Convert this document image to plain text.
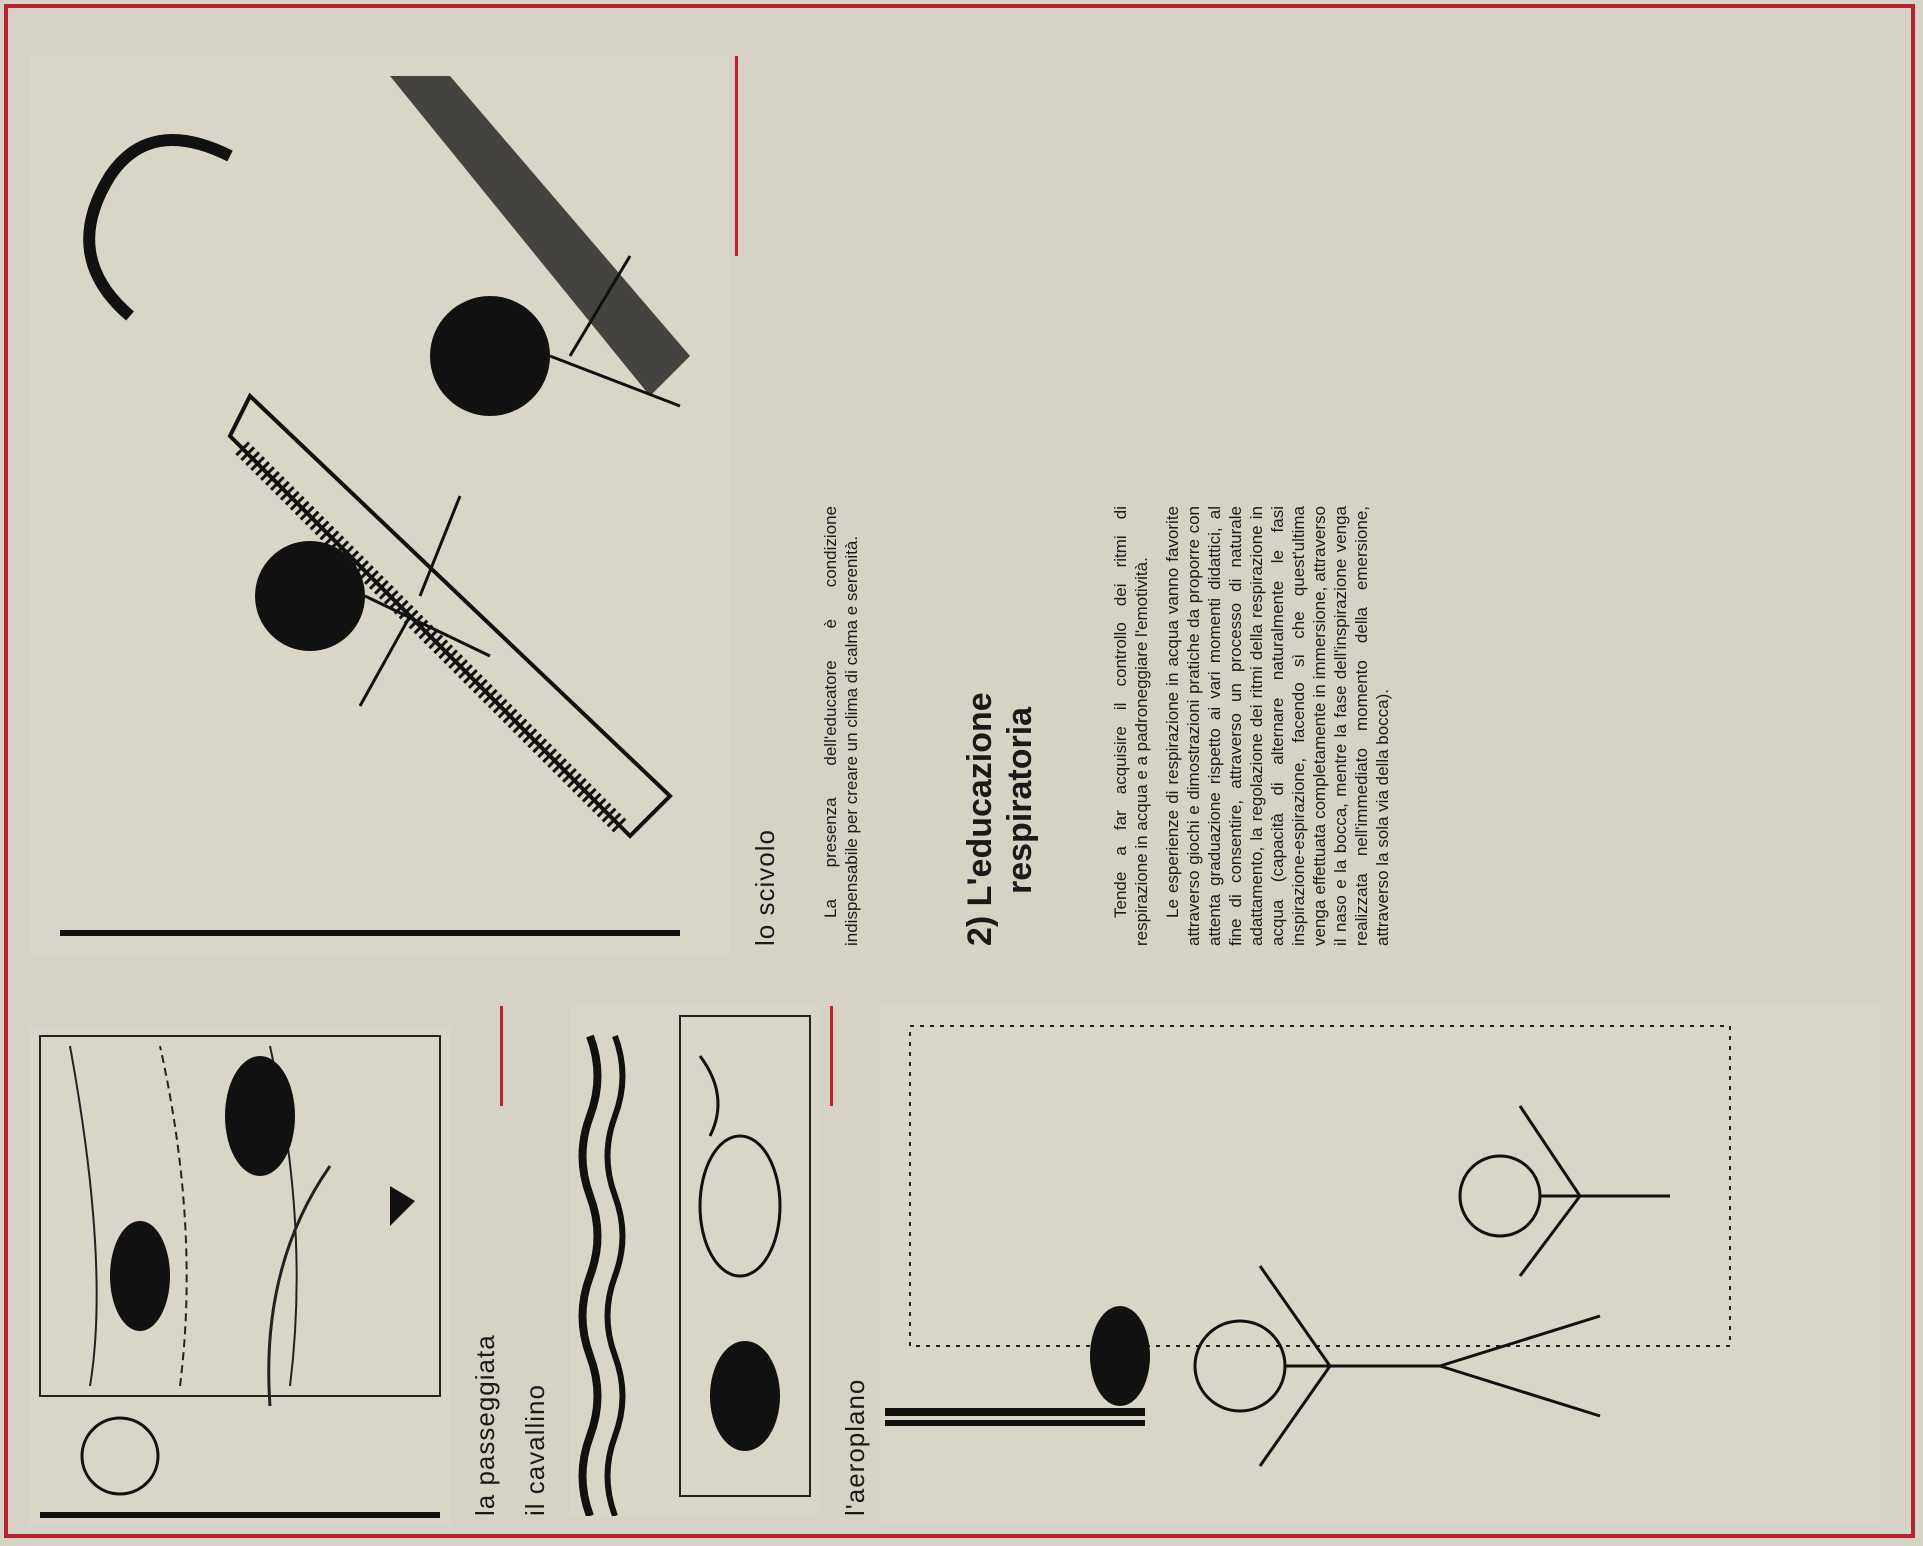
la passeggiata il cavallino	l'aeroplano
lo scivolo La presenza dell'educatore è condizione indispensabile per creare un clima di calma e serenità.	2) L'educazione
respiratoria	Tende a far acquisire il controllo dei ritmi di respirazione in acqua e a padroneggiare l'emotività. Le esperienze di respirazione in acqua vanno favorite attraverso giochi e dimostrazioni pratiche da proporre con attenta graduazione rispetto ai vari momenti didattici, al fine di consentire, attraverso un processo di naturale adattamento, la regolazione dei ritmi della respirazione in acqua (capacità di alternare naturalmente le fasi inspirazione-espirazione, facendo sì che quest'ultima venga effettuata completamente in immersione, attraverso il naso e la bocca, mentre la fase dell'inspirazione venga realizzata nell'immediato momento della emersione, attraverso la sola via della bocca).
